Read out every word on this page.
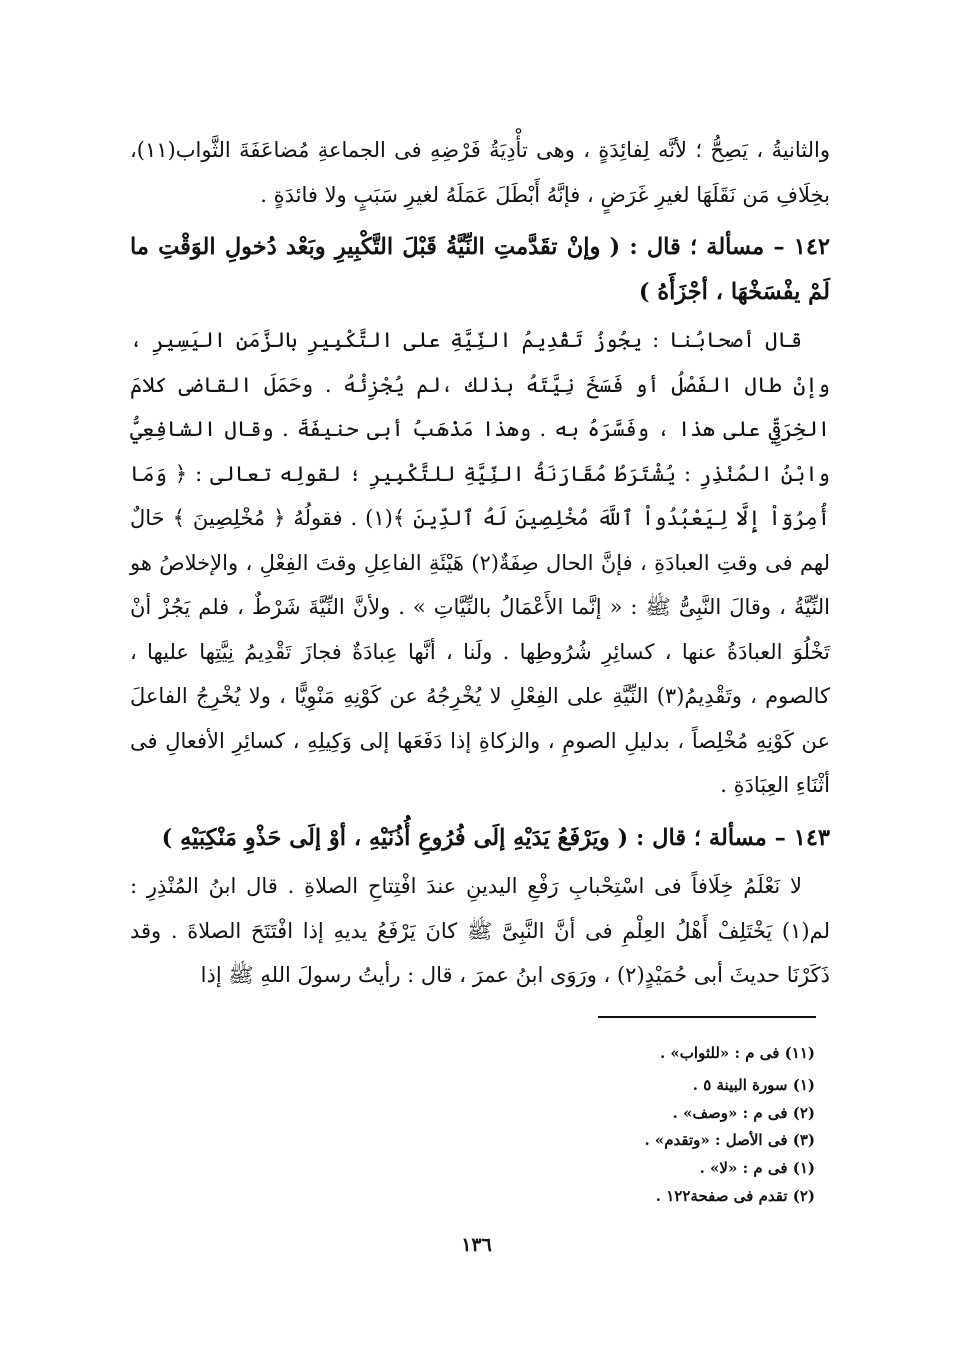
والثانيةُ ، يَصِحُّ ؛ لأنَّه لِفائِدَةٍ ، وهى تأْدِيَةُ فَرْضِهِ فى الجماعةِ مُضاعَفَةَ الثَّواب(١١)، بخِلَافِ مَن نَقَلَهَا لغيرِ غَرَضٍ ، فإنَّهُ أَبْطَلَ عَمَلَهُ لغيرِ سَبَبٍ ولا فائدَةٍ .

١٤٢ – مسألة ؛ قال : ( وإنْ تقَدَّمتِ النِّيَّةُ قَبْلَ التَّكْبِيرِ وبَعْد دُخولِ الوَقْتِ ما لَمْ يفْسَخْهَا ، أجْزَأَهُ )

قال أصحابُنا : يجُوزُ تَقْدِيمُ النِّيَّةِ على التَّكْبِيرِ بالزَّمَنِ اليَسِيرِ ، وإنْ طال الفَصْلُ أو فَسَخَ نِيَّتَهُ بذلك ،لم يُجْزِئْهُ . وحَمَلَ القاضى كلامَ الخِرَقِيِّ على هذا ، وفَسَّرَهُ به . وهذا مَذْهَبُ أبى حنيفَةَ . وقال الشافِعِيُّ وابْنُ المُنْذِرِ : يُشْتَرَطُ مُقَارَنَةُ النِّيَّةِ للتَّكْبِيرِ ؛ لقولِه تعالى : ﴿ وَمَا أُمِرُوٓاْ إِلَّا لِيَعْبُدُواْ ٱللَّهَ مُخْلِصِينَ لَهُ ٱلدِّينَ ﴾(١) . فقولُهُ ﴿ مُخْلِصِينَ ﴾ حَالٌ لهم فى وقتِ العبادَةِ ، فإنَّ الحال صِفَةٌ(٢) هَيْئَةِ الفاعِلِ وقتَ الفِعْلِ ، والإخلاصُ هو النِّيَّةُ ، وقالَ النَّبِىُّ ﷺ : « إنَّما الأَعْمَالُ بالنِّيَّاتِ » . ولأنَّ النِّيَّةَ شَرْطٌ ، فلم يَجُزْ أنْ تَخْلُوَ العبادَةُ عنها ، كسائِرِ شُرُوطِها . ولَنا ، أنَّها عِبادَةٌ فجازَ تَقْدِيمُ نِيَّتِها عليها ، كالصوم ، وتَقْدِيمُ(٣) النِّيَّةِ على الفِعْلِ لا يُخْرِجُهُ عن كَوْنِهِ مَنْوِيًّا ، ولا يُخْرِجُ الفاعلَ عن كَوْنِهِ مُخْلِصاً ، بدليلِ الصومِ ، والزكاةِ إذا دَفَعَها إلى وَكِيلِهِ ، كسائِرِ الأفعالِ فى أثْنَاءِ العِبَادَةِ .

١٤٣ – مسألة ؛ قال : ( ويَرْفَعُ يَدَيْهِ إلَى فُرُوعِ أُذُنَيْهِ ، أوْ إلَى حَذْوِ مَنْكِبَيْهِ )

لا نَعْلَمُ خِلَافاً فى اسْتِحْبابِ رَفْعِ اليدينِ عندَ افْتِتاحِ الصلاةِ . قال ابنُ المُنْذِرِ : لم(١) يَخْتَلِفْ أَهْلُ العِلْمِ فى أنَّ النَّبِىَّ ﷺ كانَ يَرْفَعُ يديهِ إذا افْتَتَحَ الصلاةَ . وقد ذَكَرْنَا حديثَ أبى حُمَيْدٍ(٢) ، ورَوَى ابنُ عمرَ ، قال : رأيتُ رسولَ اللهِ ﷺ إذا

(١١) فى م : «للثواب» .
(١) سورة البينة ٥ .
(٢) فى م : «وصف» .
(٣) فى الأصل : «وتقدم» .
(١) فى م : «لا» .
(٢) تقدم فى صفحة١٢٢ .
١٣٦
